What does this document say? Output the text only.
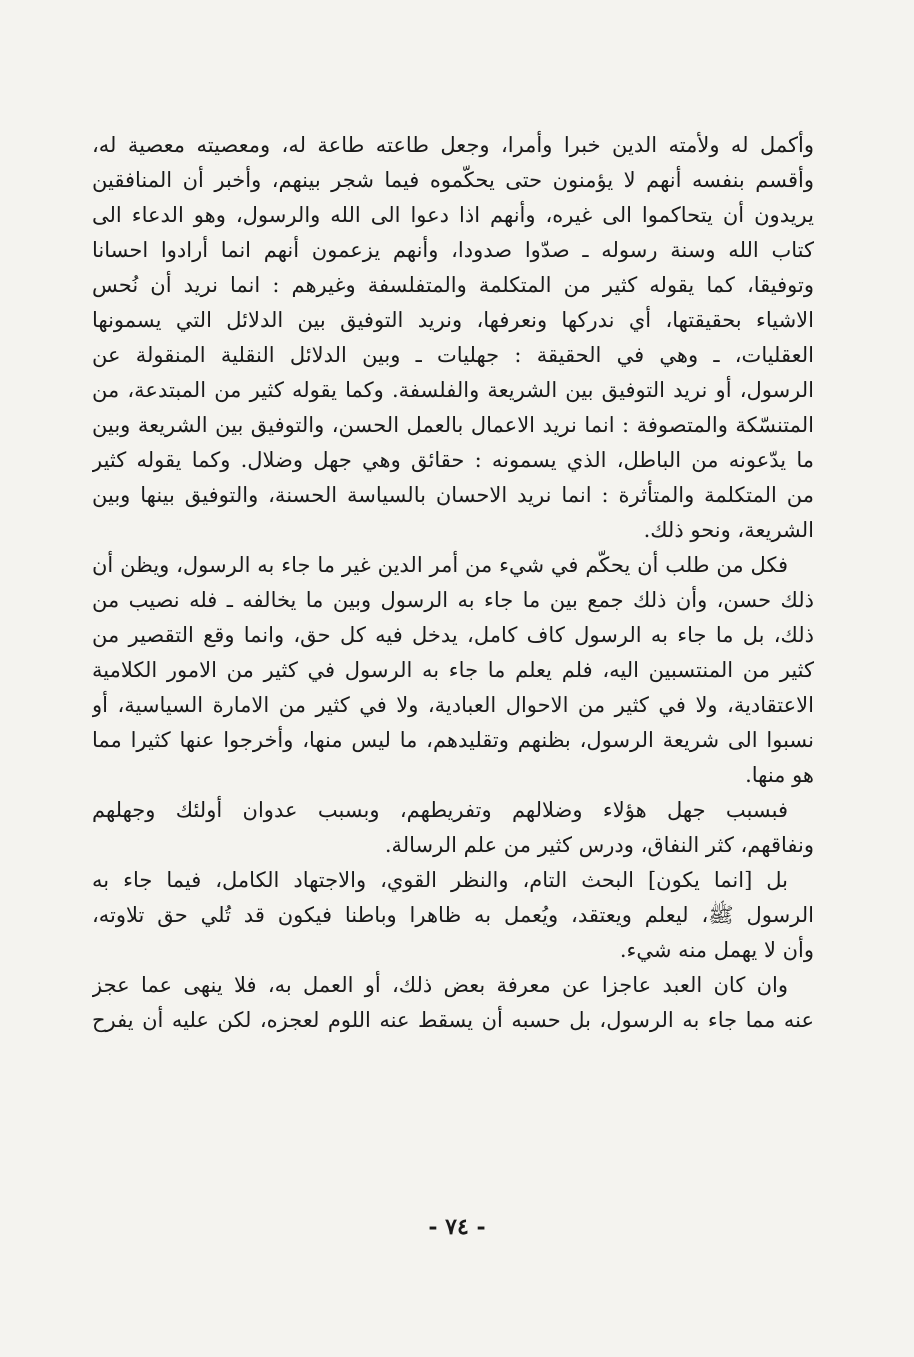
وأكمل له ولأمته الدين خبرا وأمرا، وجعل طاعته طاعة له، ومعصيته معصية له،
وأقسم بنفسه أنهم لا يؤمنون حتى يحكّموه فيما شجر بينهم، وأخبر أن المنافقين
يريدون أن يتحاكموا الى غيره، وأنهم اذا دعوا الى الله والرسول، وهو الدعاء الى
كتاب الله وسنة رسوله ـ صدّوا صدودا، وأنهم يزعمون أنهم انما أرادوا احسانا
وتوفيقا، كما يقوله كثير من المتكلمة والمتفلسفة وغيرهم : انما نريد أن نُحس
الاشياء بحقيقتها، أي ندركها ونعرفها، ونريد التوفيق بين الدلائل التي يسمونها
العقليات، ـ وهي في الحقيقة : جهليات ـ وبين الدلائل النقلية المنقولة عن
الرسول، أو نريد التوفيق بين الشريعة والفلسفة. وكما يقوله كثير من المبتدعة، من
المتنسّكة والمتصوفة : انما نريد الاعمال بالعمل الحسن، والتوفيق بين الشريعة وبين
ما يدّعونه من الباطل، الذي يسمونه : حقائق وهي جهل وضلال. وكما يقوله كثير
من المتكلمة والمتأثرة : انما نريد الاحسان بالسياسة الحسنة، والتوفيق بينها وبين
الشريعة، ونحو ذلك.
فكل من طلب أن يحكّم في شيء من أمر الدين غير ما جاء به الرسول، ويظن أن
ذلك حسن، وأن ذلك جمع بين ما جاء به الرسول وبين ما يخالفه ـ فله نصيب من
ذلك، بل ما جاء به الرسول كاف كامل، يدخل فيه كل حق، وانما وقع التقصير من
كثير من المنتسبين اليه، فلم يعلم ما جاء به الرسول في كثير من الامور الكلامية
الاعتقادية، ولا في كثير من الاحوال العبادية، ولا في كثير من الامارة السياسية، أو
نسبوا الى شريعة الرسول، بظنهم وتقليدهم، ما ليس منها، وأخرجوا عنها كثيرا مما
هو منها.
فبسبب جهل هؤلاء وضلالهم وتفريطهم، وبسبب عدوان أولئك وجهلهم
ونفاقهم، كثر النفاق، ودرس كثير من علم الرسالة.
بل [انما يكون] البحث التام، والنظر القوي، والاجتهاد الكامل، فيما جاء به
الرسول ﷺ، ليعلم ويعتقد، ويُعمل به ظاهرا وباطنا فيكون قد تُلي حق تلاوته،
وأن لا يهمل منه شيء.
وان كان العبد عاجزا عن معرفة بعض ذلك، أو العمل به، فلا ينهى عما عجز
عنه مما جاء به الرسول، بل حسبه أن يسقط عنه اللوم لعجزه، لكن عليه أن يفرح
- ٧٤ -
